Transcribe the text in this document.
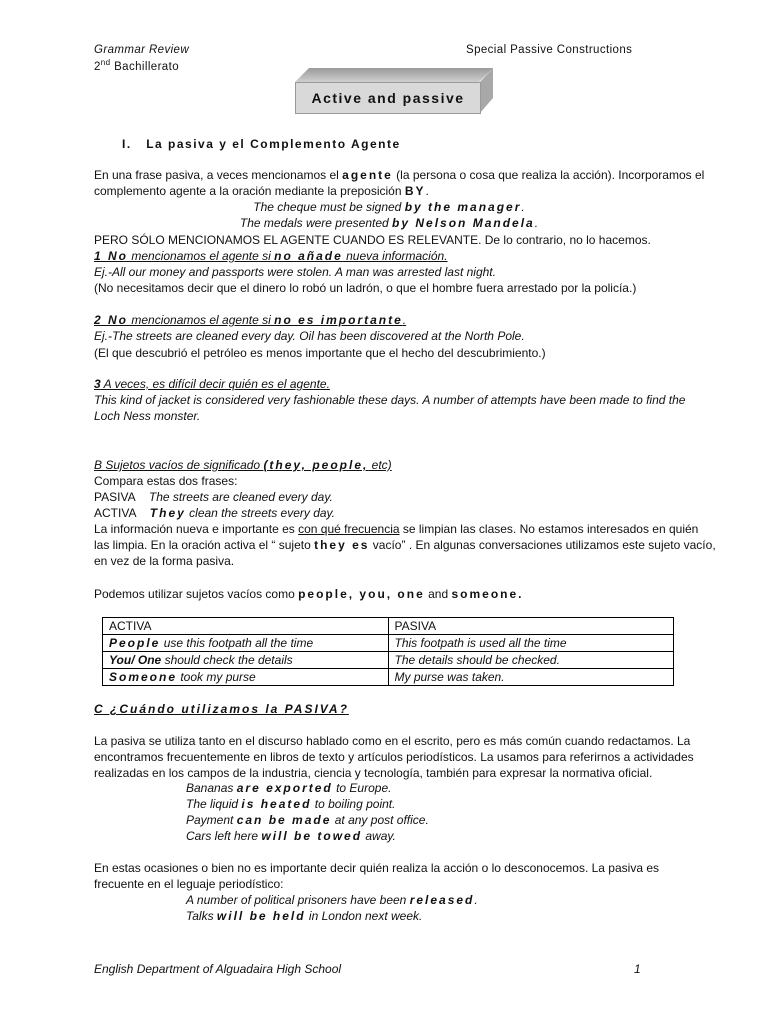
Grammar Review
2nd Bachillerato
Special Passive Constructions
Active and passive
I. La pasiva y el Complemento Agente
En una frase pasiva, a veces mencionamos el agente (la persona o cosa que realiza la acción). Incorporamos el
complemento agente a la oración mediante la preposición BY.
The cheque must be signed by the manager.
The medals were presented by Nelson Mandela.
PERO SÓLO MENCIONAMOS EL AGENTE CUANDO ES RELEVANTE. De lo contrario, no lo hacemos.
1 No mencionamos el agente si no añade nueva información.
Ej.-All our money and passports were stolen. A man was arrested last night.
(No necesitamos decir que el dinero lo robó un ladrón, o que el hombre fuera arrestado por la policía.)
2 No mencionamos el agente si no es importante.
Ej.-The streets are cleaned every day. Oil has been discovered at the North Pole.
(El que descubrió el petróleo es menos importante que el hecho del descubrimiento.)
3 A veces, es difícil decir quién es el agente.
This kind of jacket is considered very fashionable these days. A number of attempts have been made to find the
Loch Ness monster.
B Sujetos vacíos de significado (they, people, etc)
Compara estas dos frases:
PASIVA The streets are cleaned every day.
ACTIVA They clean the streets every day.
La información nueva e importante es con qué frecuencia se limpian las clases. No estamos interesados en quién
las limpia. En la oración activa el “ sujeto they es vacío” . En algunas conversaciones utilizamos este sujeto vacío,
en vez de la forma pasiva.
Podemos utilizar sujetos vacíos como people, you, one and someone.
ACTIVA	PASIVA
People use this footpath all the time	This footpath is used all the time
You/ One should check the details	The details should be checked.
Someone took my purse	My purse was taken.
C ¿Cuándo utilizamos la PASIVA?
La pasiva se utiliza tanto en el discurso hablado como en el escrito, pero es más común cuando redactamos. La
encontramos frecuentemente en libros de texto y artículos periodísticos. La usamos para referirnos a actividades
realizadas en los campos de la industria, ciencia y tecnología, también para expresar la normativa oficial.
Bananas are exported to Europe.
The liquid is heated to boiling point.
Payment can be made at any post office.
Cars left here will be towed away.
En estas ocasiones o bien no es importante decir quién realiza la acción o lo desconocemos. La pasiva es
frecuente en el leguaje periodístico:
A number of political prisoners have been released.
Talks will be held in London next week.
English Department of Alguadaira High School	1
